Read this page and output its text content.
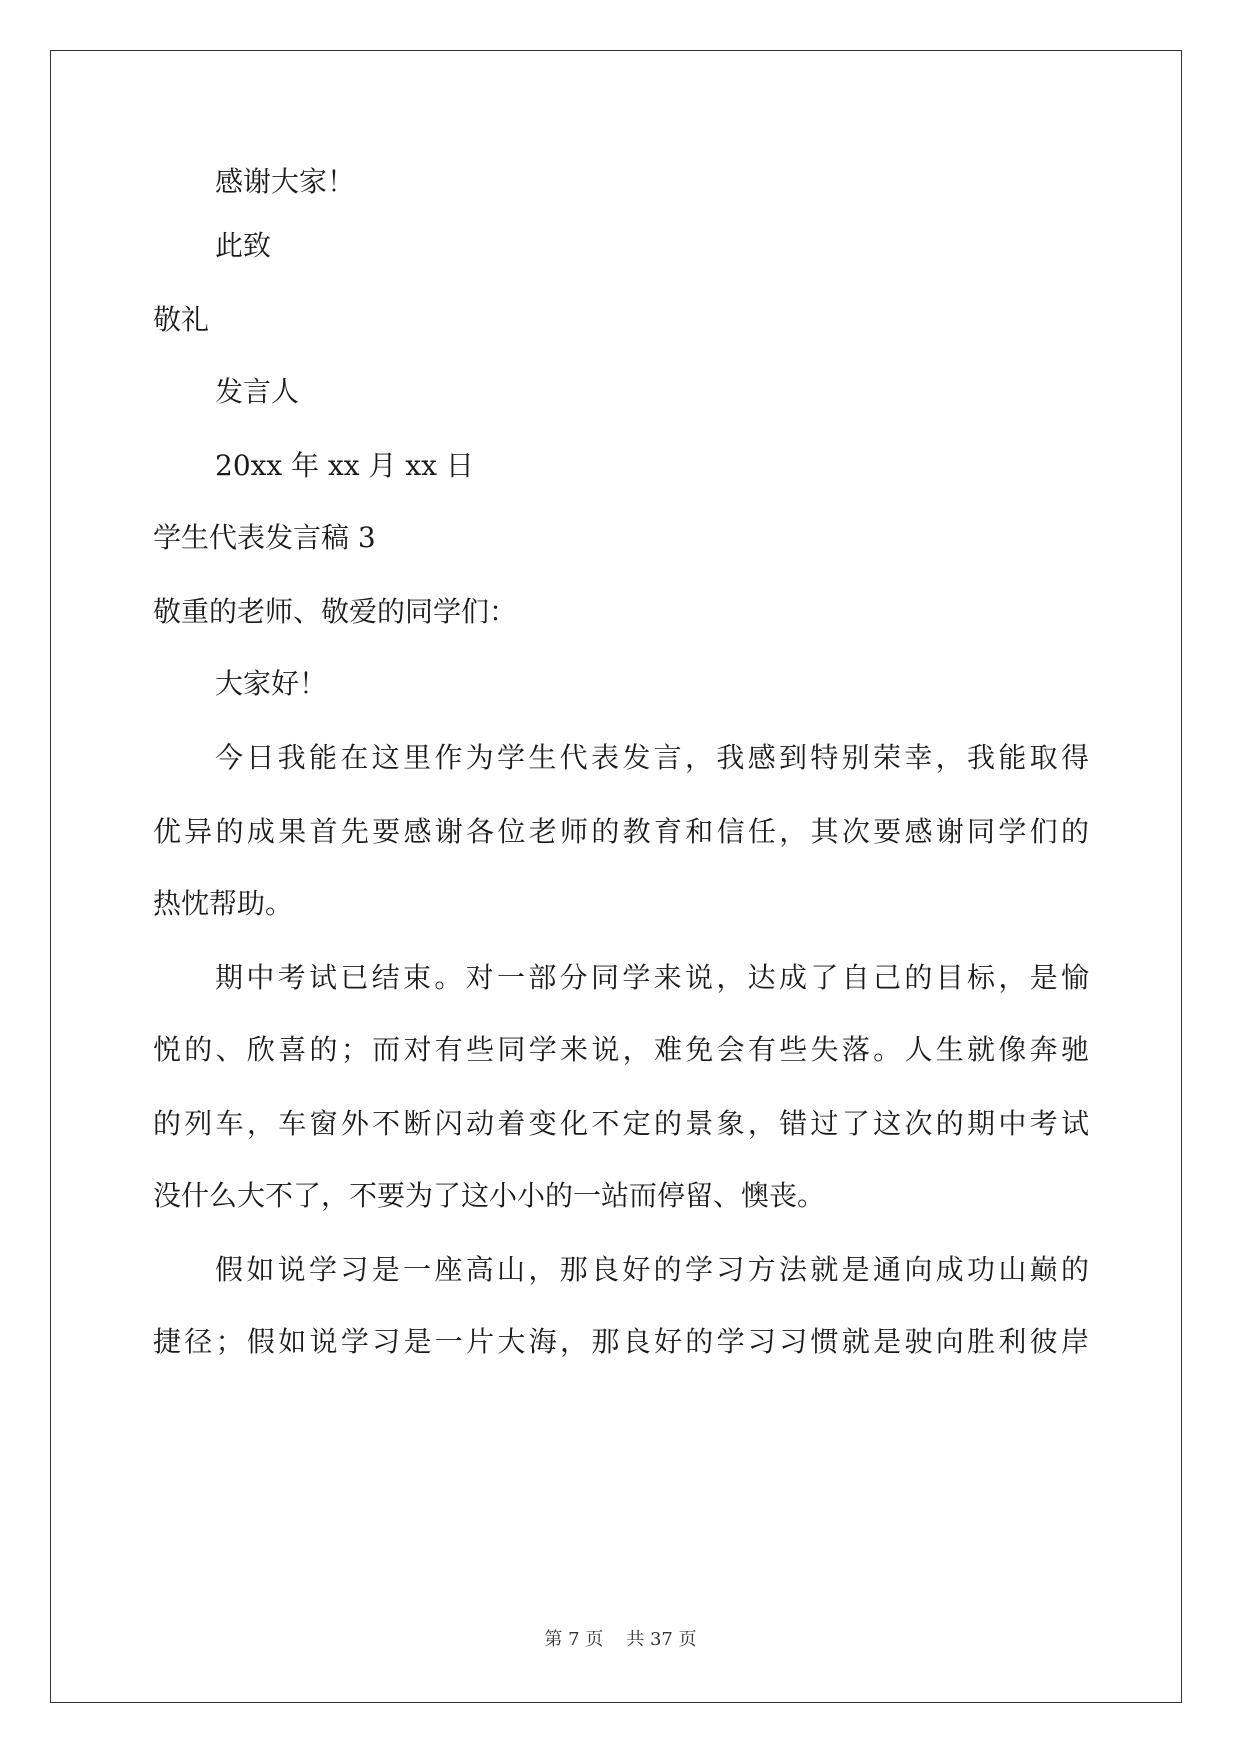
感谢大家！
此致
敬礼
发言人
20xx 年 xx 月 xx 日
学生代表发言稿 3
敬重的老师、敬爱的同学们：
大家好！
今日我能在这里作为学生代表发言，我感到特别荣幸，我能取得
优异的成果首先要感谢各位老师的教育和信任，其次要感谢同学们的
热忱帮助。
期中考试已结束。对一部分同学来说，达成了自己的目标，是愉
悦的、欣喜的；而对有些同学来说，难免会有些失落。人生就像奔驰
的列车，车窗外不断闪动着变化不定的景象，错过了这次的期中考试
没什么大不了，不要为了这小小的一站而停留、懊丧。
假如说学习是一座高山，那良好的学习方法就是通向成功山巅的
捷径；假如说学习是一片大海，那良好的学习习惯就是驶向胜利彼岸
第 7 页 共 37 页
